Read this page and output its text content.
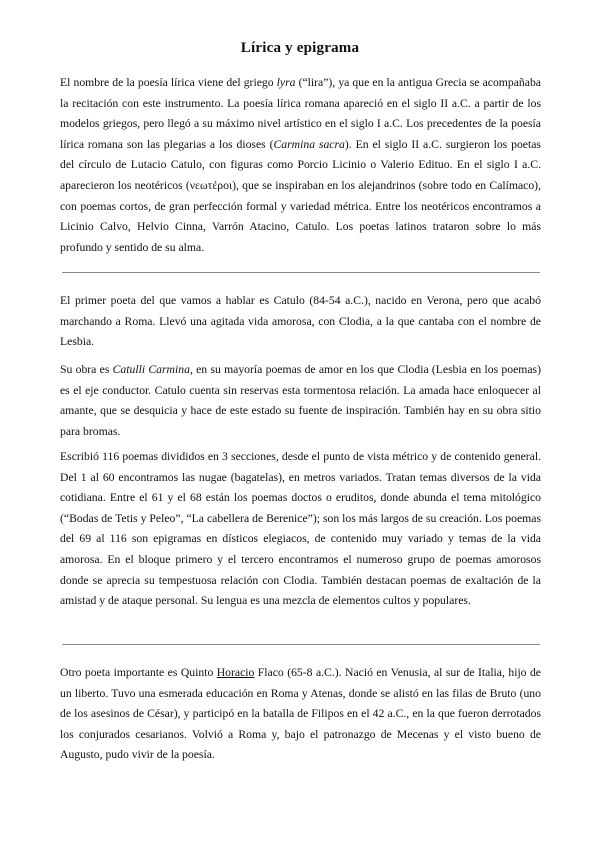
Lírica y epigrama

El nombre de la poesía lírica viene del griego lyra (“lira”), ya que en la antigua Grecia se acompañaba la recitación con este instrumento. La poesía lírica romana apareció en el siglo II a.C. a partir de los modelos griegos, pero llegó a su máximo nivel artístico en el siglo I a.C. Los precedentes de la poesía lírica romana son las plegarias a los dioses (Carmina sacra). En el siglo II a.C. surgieron los poetas del círculo de Lutacio Catulo, con figuras como Porcio Licinio o Valerio Edituo. En el siglo I a.C. aparecieron los neotéricos (νεωτέροι), que se inspiraban en los alejandrinos (sobre todo en Calímaco), con poemas cortos, de gran perfección formal y variedad métrica. Entre los neotéricos encontramos a Licinio Calvo, Helvio Cinna, Varrón Atacino, Catulo. Los poetas latinos trataron sobre lo más profundo y sentido de su alma.

El primer poeta del que vamos a hablar es Catulo (84-54 a.C.), nacido en Verona, pero que acabó marchando a Roma. Llevó una agitada vida amorosa, con Clodia, a la que cantaba con el nombre de Lesbia.

Su obra es Catulli Carmina, en su mayoría poemas de amor en los que Clodia (Lesbia en los poemas) es el eje conductor. Catulo cuenta sin reservas esta tormentosa relación. La amada hace enloquecer al amante, que se desquicia y hace de este estado su fuente de inspiración. También hay en su obra sitio para bromas.

Escribió 116 poemas divididos en 3 secciones, desde el punto de vista métrico y de contenido general. Del 1 al 60 encontramos las nugae (bagatelas), en metros variados. Tratan temas diversos de la vida cotidiana. Entre el 61 y el 68 están los poemas doctos o eruditos, donde abunda el tema mitológico (“Bodas de Tetis y Peleo”, “La cabellera de Berenice”); son los más largos de su creación. Los poemas del 69 al 116 son epigramas en dísticos elegiacos, de contenido muy variado y temas de la vida amorosa. En el bloque primero y el tercero encontramos el numeroso grupo de poemas amorosos donde se aprecia su tempestuosa relación con Clodia. También destacan poemas de exaltación de la amistad y de ataque personal. Su lengua es una mezcla de elementos cultos y populares.

Otro poeta importante es Quinto Horacio Flaco (65-8 a.C.). Nació en Venusia, al sur de Italia, hijo de un liberto. Tuvo una esmerada educación en Roma y Atenas, donde se alistó en las filas de Bruto (uno de los asesinos de César), y participó en la batalla de Filipos en el 42 a.C., en la que fueron derrotados los conjurados cesarianos. Volvió a Roma y, bajo el patronazgo de Mecenas y el visto bueno de Augusto, pudo vivir de la poesía.
